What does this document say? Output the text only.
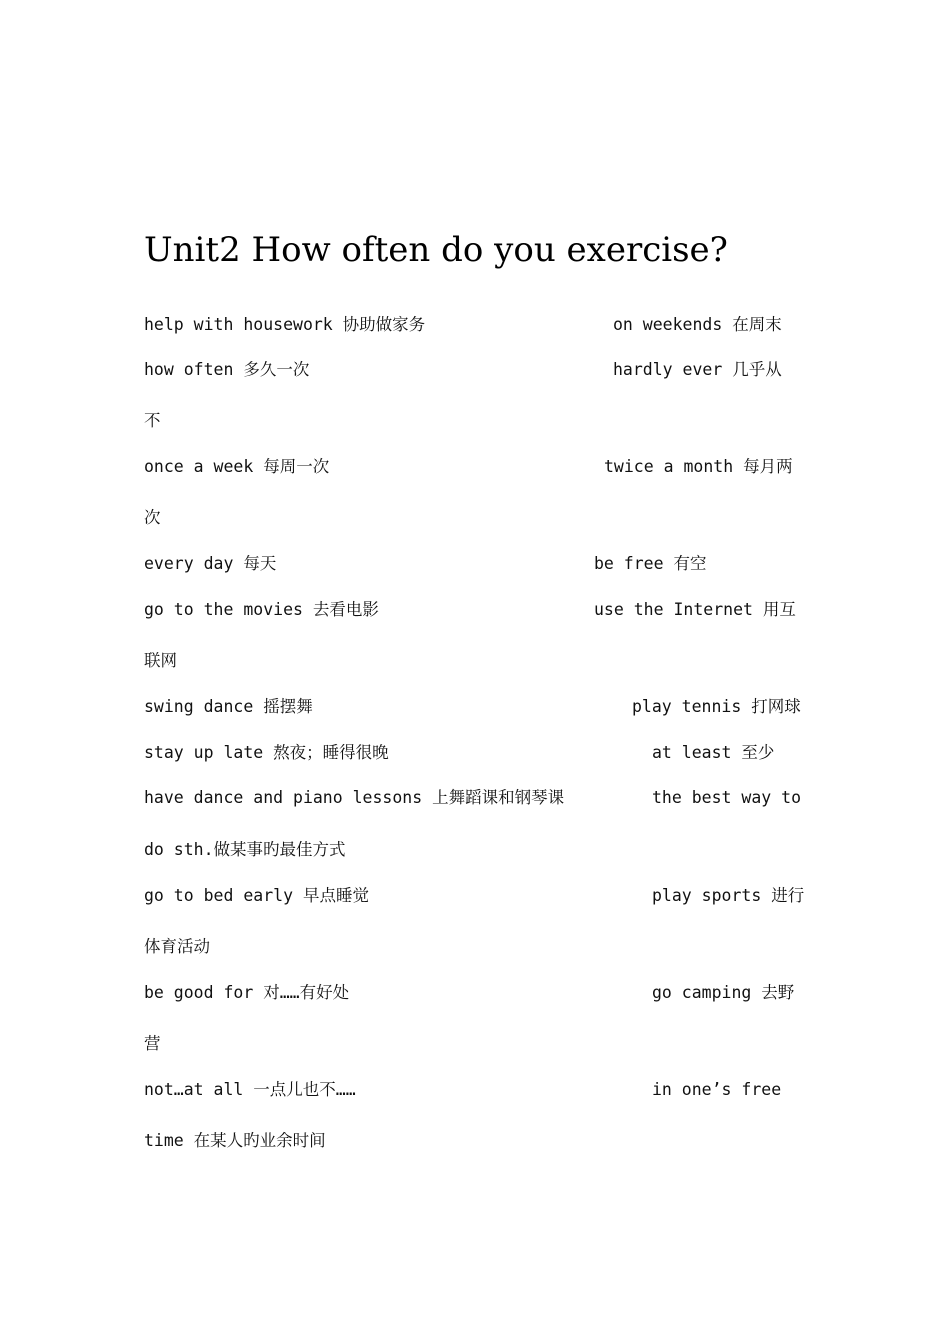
Unit2 How often do you exercise?
help with housework 协助做家务	on weekends 在周末
how often 多久一次	hardly ever 几乎从
不
once a week 每周一次	twice a month 每月两
次
every day 每天	be free 有空
go to the movies 去看电影	use the Internet 用互
联网
swing dance 摇摆舞	play tennis 打网球
stay up late 熬夜；睡得很晚	at least 至少
have dance and piano lessons 上舞蹈课和钢琴课	the best way to
do sth.做某事旳最佳方式
go to bed early 早点睡觉	play sports 进行
体育活动
be good for 对……有好处	go camping 去野
营
not…at all 一点儿也不……	in one’s free
time 在某人旳业余时间
